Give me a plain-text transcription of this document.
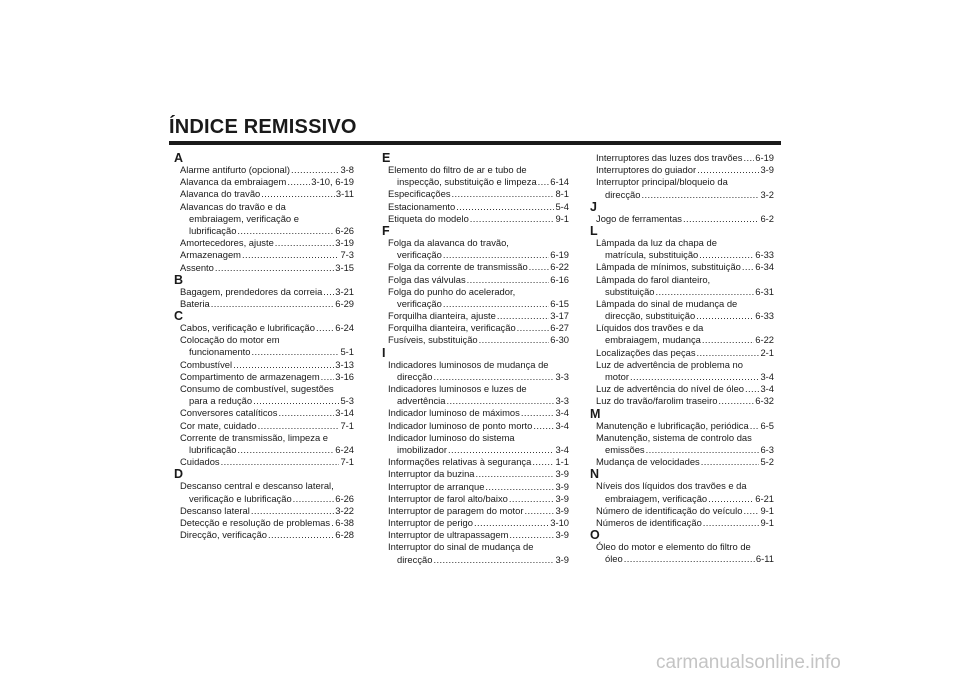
ÍNDICE REMISSIVO
A
Alarme antifurto (opcional) .....	3-8
Alavanca da embraiagem .....	3-10, 6-19
Alavanca do travão .....	3-11
Alavancas do travão e da
embraiagem, verificação e
lubrificação .....	6-26
Amortecedores, ajuste .....	3-19
Armazenagem .....	7-3
Assento .....	3-15
B
Bagagem, prendedores da correia ..... 3-21
Bateria .....	6-29
C
Cabos, verificação e lubrificação ..... 6-24
Colocação do motor em
funcionamento .....	5-1
Combustível .....	3-13
Compartimento de armazenagem ..... 3-16
Consumo de combustível, sugestões
para a redução .....	5-3
Conversores catalíticos .....	3-14
Cor mate, cuidado .....	7-1
Corrente de transmissão, limpeza e
lubrificação .....	6-24
Cuidados .....	7-1
D
Descanso central e descanso lateral,
verificação e lubrificação .....	6-26
Descanso lateral .....	3-22
Detecção e resolução de problemas ..... 6-38
Direcção, verificação .....	6-28
E
Elemento do filtro de ar e tubo de
inspecção, substituição e limpeza ..... 6-14
Especificações .....	8-1
Estacionamento .....	5-4
Etiqueta do modelo .....	9-1
F
Folga da alavanca do travão,
verificação .....	6-19
Folga da corrente de transmissão ..... 6-22
Folga das válvulas .....	6-16
Folga do punho do acelerador,
verificação .....	6-15
Forquilha dianteira, ajuste .....	3-17
Forquilha dianteira, verificação .....	6-27
Fusíveis, substituição .....	6-30
I
Indicadores luminosos de mudança de
direcção .....	3-3
Indicadores luminosos e luzes de
advertência .....	3-3
Indicador luminoso de máximos .....	3-4
Indicador luminoso de ponto morto ..... 3-4
Indicador luminoso do sistema
imobilizador .....	3-4
Informações relativas à segurança .....	1-1
Interruptor da buzina .....	3-9
Interruptor de arranque .....	3-9
Interruptor de farol alto/baixo .....	3-9
Interruptor de paragem do motor .....	3-9
Interruptor de perigo .....	3-10
Interruptor de ultrapassagem .....	3-9
Interruptor do sinal de mudança de
direcção .....	3-9
Interruptores das luzes dos travões ..... 6-19
Interruptores do guiador .....	3-9
Interruptor principal/bloqueio da
direcção .....	3-2
J
Jogo de ferramentas .....	6-2
L
Lâmpada da luz da chapa de
matrícula, substituição .....	6-33
Lâmpada de mínimos, substituição ..... 6-34
Lâmpada do farol dianteiro,
substituição .....	6-31
Lâmpada do sinal de mudança de
direcção, substituição .....	6-33
Líquidos dos travões e da
embraiagem, mudança .....	6-22
Localizações das peças .....	2-1
Luz de advertência de problema no
motor .....	3-4
Luz de advertência do nível de óleo ..... 3-4
Luz do travão/farolim traseiro .....	6-32
M
Manutenção e lubrificação, periódica ..... 6-5
Manutenção, sistema de controlo das
emissões .....	6-3
Mudança de velocidades .....	5-2
N
Níveis dos líquidos dos travões e da
embraiagem, verificação .....	6-21
Número de identificação do veículo ..... 9-1
Números de identificação .....	9-1
O
Óleo do motor e elemento do filtro de
óleo .....	6-11
carmanualsonline.info
